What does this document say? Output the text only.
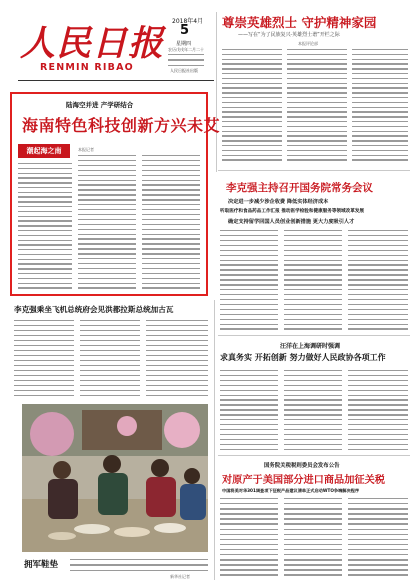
人民日报
RENMIN RIBAO
2018年4月
5
星期四
农历戊戌年二月二十
人民日报社出版
尊崇英雄烈士 守护精神家园
——写在“为了民族复兴·英雄烈士谱”开栏之际
本报评论部
陆海空并进 产学研结合
海南特色科技创新方兴未艾
潮起海之南	本报记者
李克强主持召开国务院常务会议
决定进一步减少涉企收费 降低实体经济成本
听取医疗和食品药品工作汇报 推动医学检验和健康服务等领域改革发展
确定支持留学回国人员创业创新措施 更大力度吸引人才
李克强乘坐飞机总统府会见洪都拉斯总统加古瓦
拥军鞋垫
新华社记者
汪洋在上海调研时强调
求真务实 开拓创新 努力做好人民政协各项工作
国务院关税税则委员会发布公告
对原产于美国部分进口商品加征关税
中国将美对华301调查项下征税产品建议清单正式启动WTO争端解决程序
